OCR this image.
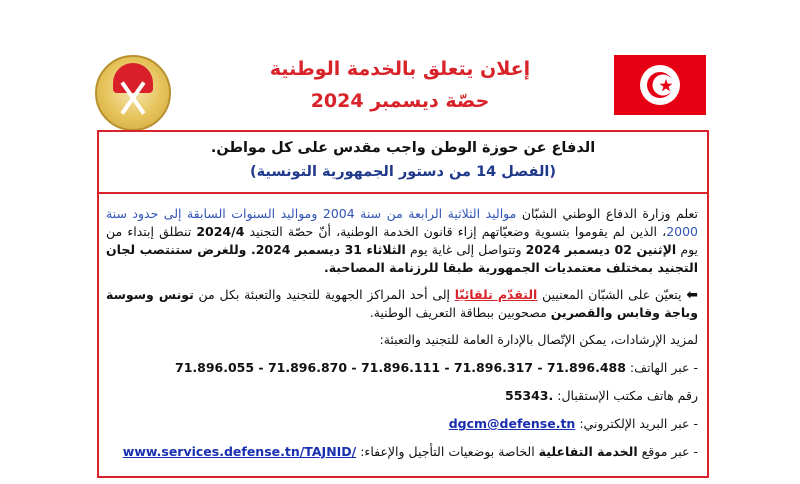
إعلان يتعلق بالخدمة الوطنية
حصّة ديسمبر 2024
الدفاع عن حوزة الوطن واجب مقدس على كل مواطن.
(الفصل 14 من دستور الجمهورية التونسية)

تعلم وزارة الدفاع الوطني الشبّان مواليد الثلاثية الرابعة من سنة 2004 ومواليد السنوات السابقة إلى حدود سنة 2000، الذين لم يقوموا بتسوية وضعيّاتهم إزاء قانون الخدمة الوطنية، أنّ حصّة التجنيد 2024/4 تنطلق إبتداء من يوم الإثنين 02 ديسمبر 2024 وتتواصل إلى غاية يوم الثلاثاء 31 ديسمبر 2024. وللغرض ستنتصب لجان التجنيد بمختلف معتمديات الجمهورية طبقا للرزنامة المصاحبة.

⬅ يتعيّن على الشبّان المعنيين التقدّم تلقائيّا إلى أحد المراكز الجهوية للتجنيد والتعبئة بكل من تونس وسوسة وباجة وقابس والقصرين مصحوبين ببطاقة التعريف الوطنية.

لمزيد الإرشادات، يمكن الإتّصال بالإدارة العامة للتجنيد والتعبئة:
- عبر الهاتف: 71.896.055 - 71.896.870 - 71.896.111 - 71.896.317 - 71.896.488
رقم هاتف مكتب الإستقبال: 55343.
- عبر البريد الإلكتروني: dgcm@defense.tn
- عبر موقع الخدمة التفاعلية الخاصة بوضعيات التأجيل والإعفاء: www.services.defense.tn/TAJNID/
